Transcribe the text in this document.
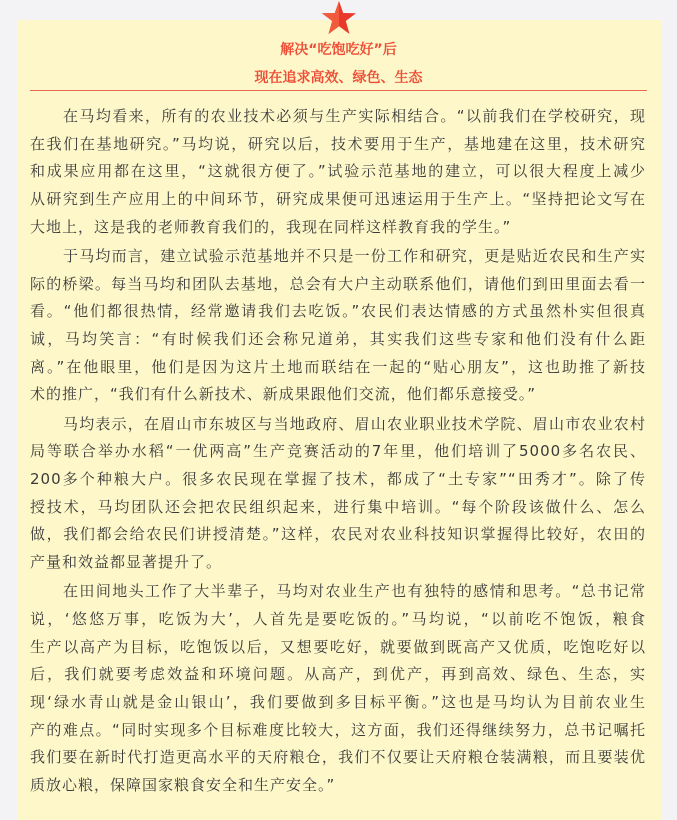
解决“吃饱吃好”后
现在追求高效、绿色、生态
在马均看来，所有的农业技术必须与生产实际相结合。“以前我们在学校研究，现
在我们在基地研究。”马均说，研究以后，技术要用于生产，基地建在这里，技术研究
和成果应用都在这里，“这就很方便了。”试验示范基地的建立，可以很大程度上减少
从研究到生产应用上的中间环节，研究成果便可迅速运用于生产上。“坚持把论文写在
大地上，这是我的老师教育我们的，我现在同样这样教育我的学生。”
于马均而言，建立试验示范基地并不只是一份工作和研究，更是贴近农民和生产实
际的桥梁。每当马均和团队去基地，总会有大户主动联系他们，请他们到田里面去看一
看。“他们都很热情，经常邀请我们去吃饭。”农民们表达情感的方式虽然朴实但很真
诚，马均笑言：“有时候我们还会称兄道弟，其实我们这些专家和他们没有什么距
离。”在他眼里，他们是因为这片土地而联结在一起的“贴心朋友”，这也助推了新技
术的推广，“我们有什么新技术、新成果跟他们交流，他们都乐意接受。”
马均表示，在眉山市东坡区与当地政府、眉山农业职业技术学院、眉山市农业农村
局等联合举办水稻“一优两高”生产竞赛活动的7年里，他们培训了5000多名农民、
200多个种粮大户。很多农民现在掌握了技术，都成了“土专家”“田秀才”。除了传
授技术，马均团队还会把农民组织起来，进行集中培训。“每个阶段该做什么、怎么
做，我们都会给农民们讲授清楚。”这样，农民对农业科技知识掌握得比较好，农田的
产量和效益都显著提升了。
在田间地头工作了大半辈子，马均对农业生产也有独特的感情和思考。“总书记常
说，‘悠悠万事，吃饭为大’，人首先是要吃饭的。”马均说，“以前吃不饱饭，粮食
生产以高产为目标，吃饱饭以后，又想要吃好，就要做到既高产又优质，吃饱吃好以
后，我们就要考虑效益和环境问题。从高产，到优产，再到高效、绿色、生态，实
现‘绿水青山就是金山银山’，我们要做到多目标平衡。”这也是马均认为目前农业生
产的难点。“同时实现多个目标难度比较大，这方面，我们还得继续努力，总书记嘱托
我们要在新时代打造更高水平的天府粮仓，我们不仅要让天府粮仓装满粮，而且要装优
质放心粮，保障国家粮食安全和生产安全。”
